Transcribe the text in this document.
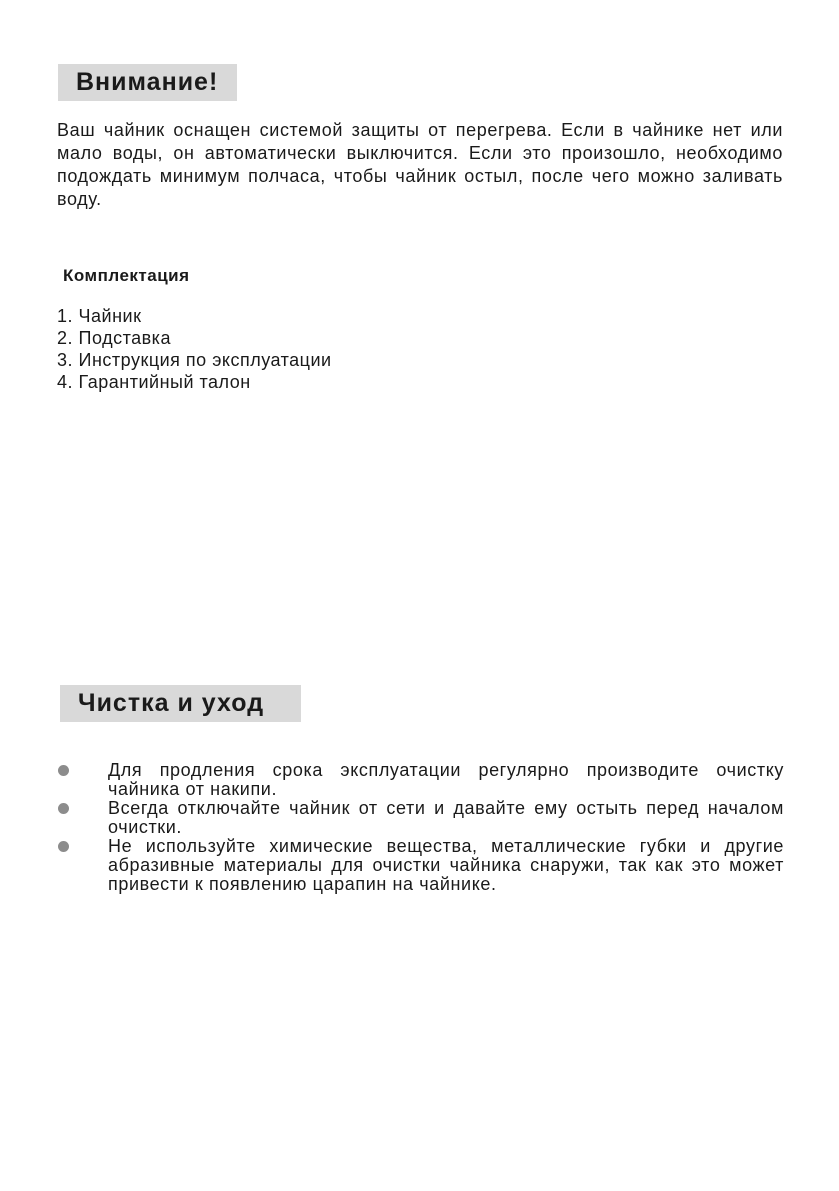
Внимание!

Ваш чайник оснащен системой защиты от перегрева. Если в чайнике нет или мало воды, он автоматически выключится. Если это произошло, необходимо подождать минимум полчаса, чтобы чайник остыл, после чего можно заливать воду.

Комплектация
1. Чайник
2. Подставка
3. Инструкция по эксплуатации
4. Гарантийный талон
Чистка и уход
Для продления срока эксплуатации регулярно производите очистку чайника от накипи.
Всегда отключайте чайник от сети и давайте ему остыть перед началом очистки.
Не используйте химические вещества, металлические губки и другие абразивные материалы для очистки чайника снаружи, так как это может привести к появлению царапин на чайнике.
